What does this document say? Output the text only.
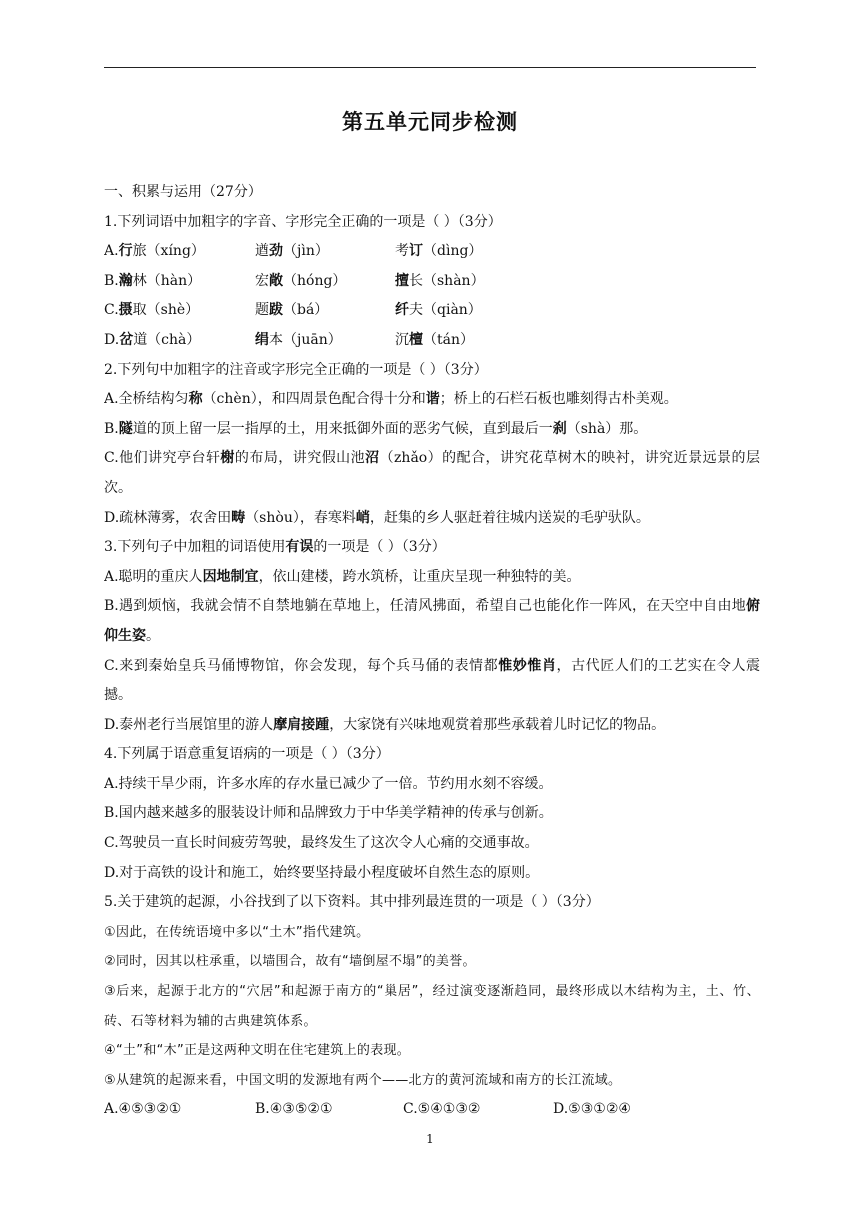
第五单元同步检测
一、积累与运用（27分）
1.下列词语中加粗字的字音、字形完全正确的一项是（ ）（3分）
A.行旅（xíng）	遒劲（jìn）	考订（dìng）
B.瀚林（hàn）	宏敞（hóng）	擅长（shàn）
C.摄取（shè）	题跋（bá）	纤夫（qiàn）
D.岔道（chà）	绢本（juān）	沉檀（tán）
2.下列句中加粗字的注音或字形完全正确的一项是（ ）（3分）
A.全桥结构匀称（chèn），和四周景色配合得十分和谐；桥上的石栏石板也雕刻得古朴美观。
B.隧道的顶上留一层一指厚的土，用来抵御外面的恶劣气候，直到最后一刹（shà）那。
C.他们讲究亭台轩榭的布局，讲究假山池沼（zhǎo）的配合，讲究花草树木的映衬，讲究近景远景的层次。
D.疏林薄雾，农舍田畴（shòu），春寒料峭，赶集的乡人驱赶着往城内送炭的毛驴驮队。
3.下列句子中加粗的词语使用有误的一项是（ ）（3分）
A.聪明的重庆人因地制宜，依山建楼，跨水筑桥，让重庆呈现一种独特的美。
B.遇到烦恼，我就会情不自禁地躺在草地上，任清风拂面，希望自己也能化作一阵风，在天空中自由地俯仰生姿。
C.来到秦始皇兵马俑博物馆，你会发现，每个兵马俑的表情都惟妙惟肖，古代匠人们的工艺实在令人震撼。
D.泰州老行当展馆里的游人摩肩接踵，大家饶有兴味地观赏着那些承载着儿时记忆的物品。
4.下列属于语意重复语病的一项是（ ）（3分）
A.持续干旱少雨，许多水库的存水量已减少了一倍。节约用水刻不容缓。
B.国内越来越多的服装设计师和品牌致力于中华美学精神的传承与创新。
C.驾驶员一直长时间疲劳驾驶，最终发生了这次令人心痛的交通事故。
D.对于高铁的设计和施工，始终要坚持最小程度破坏自然生态的原则。
5.关于建筑的起源，小谷找到了以下资料。其中排列最连贯的一项是（ ）（3分）
①因此，在传统语境中多以“土木”指代建筑。
②同时，因其以柱承重，以墙围合，故有“墙倒屋不塌”的美誉。
③后来，起源于北方的“穴居”和起源于南方的“巢居”，经过演变逐渐趋同，最终形成以木结构为主，土、竹、砖、石等材料为辅的古典建筑体系。
④“土”和“木”正是这两种文明在住宅建筑上的表现。
⑤从建筑的起源来看，中国文明的发源地有两个——北方的黄河流域和南方的长江流域。
A.④⑤③②①	B.④③⑤②①	C.⑤④①③②	D.⑤③①②④
1
